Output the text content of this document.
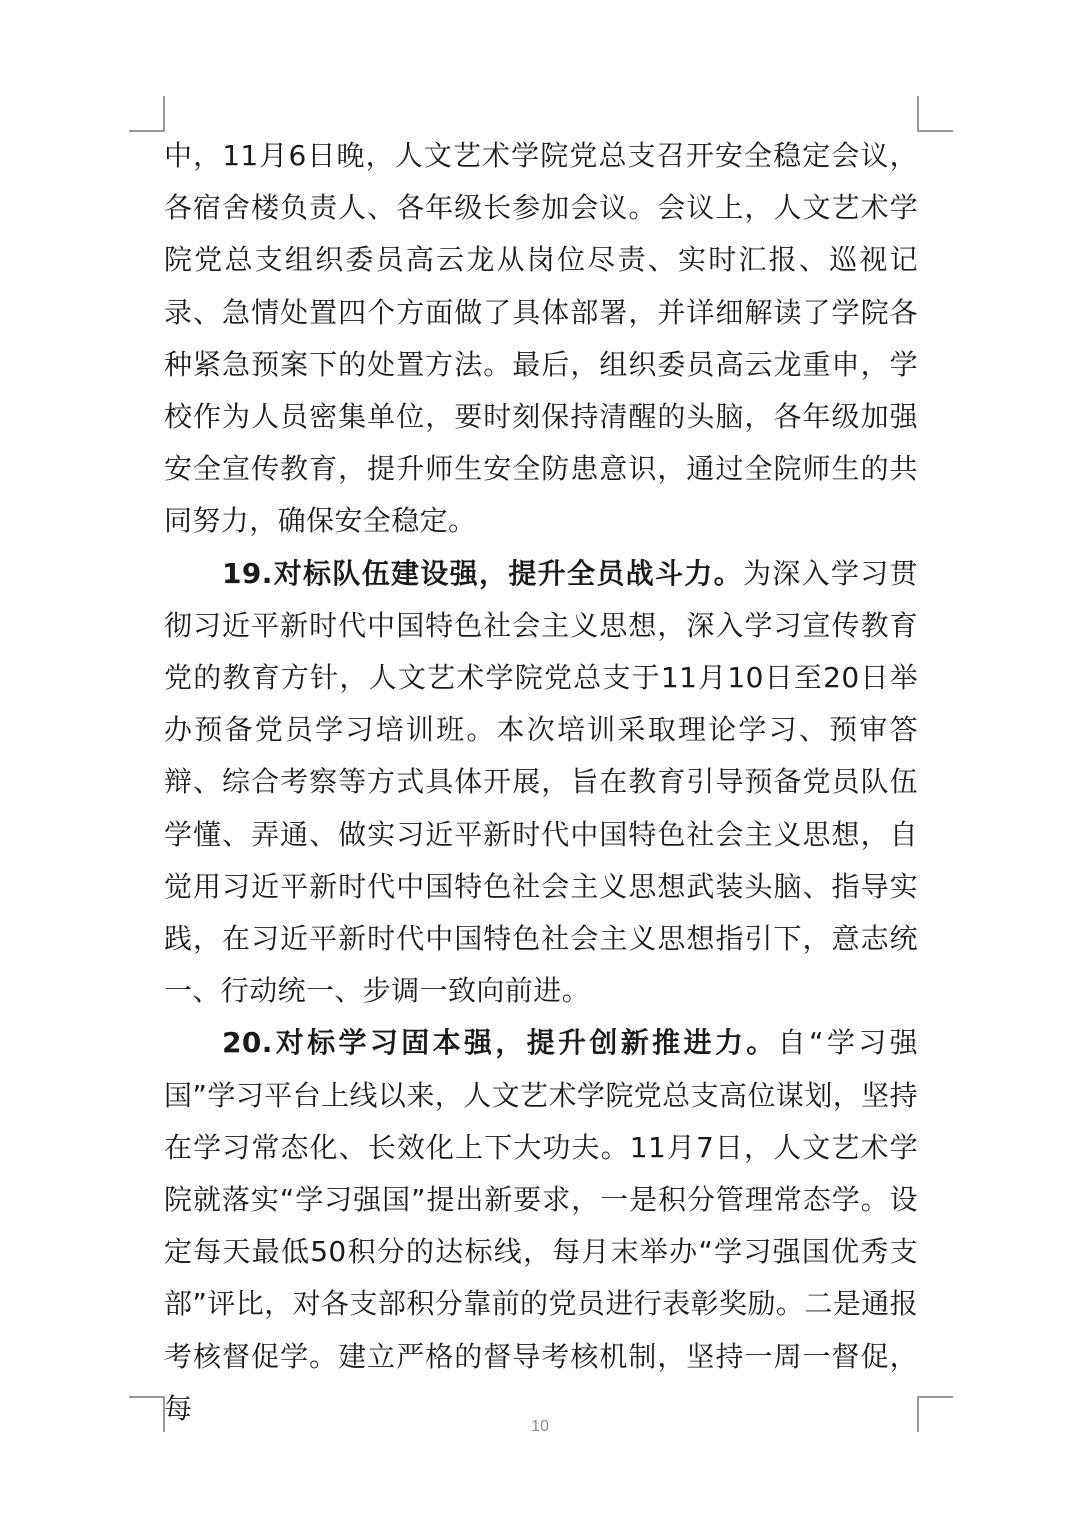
中，11月6日晚，人文艺术学院党总支召开安全稳定会议，各宿舍楼负责人、各年级长参加会议。会议上，人文艺术学院党总支组织委员高云龙从岗位尽责、实时汇报、巡视记录、急情处置四个方面做了具体部署，并详细解读了学院各种紧急预案下的处置方法。最后，组织委员高云龙重申，学校作为人员密集单位，要时刻保持清醒的头脑，各年级加强安全宣传教育，提升师生安全防患意识，通过全院师生的共同努力，确保安全稳定。

19.对标队伍建设强，提升全员战斗力。为深入学习贯彻习近平新时代中国特色社会主义思想，深入学习宣传教育党的教育方针，人文艺术学院党总支于11月10日至20日举办预备党员学习培训班。本次培训采取理论学习、预审答辩、综合考察等方式具体开展，旨在教育引导预备党员队伍学懂、弄通、做实习近平新时代中国特色社会主义思想，自觉用习近平新时代中国特色社会主义思想武装头脑、指导实践，在习近平新时代中国特色社会主义思想指引下，意志统一、行动统一、步调一致向前进。

20.对标学习固本强，提升创新推进力。自“学习强国”学习平台上线以来，人文艺术学院党总支高位谋划，坚持在学习常态化、长效化上下大功夫。11月7日，人文艺术学院就落实“学习强国”提出新要求，一是积分管理常态学。设定每天最低50积分的达标线，每月末举办“学习强国优秀支部”评比，对各支部积分靠前的党员进行表彰奖励。二是通报考核督促学。建立严格的督导考核机制，坚持一周一督促，每

10
